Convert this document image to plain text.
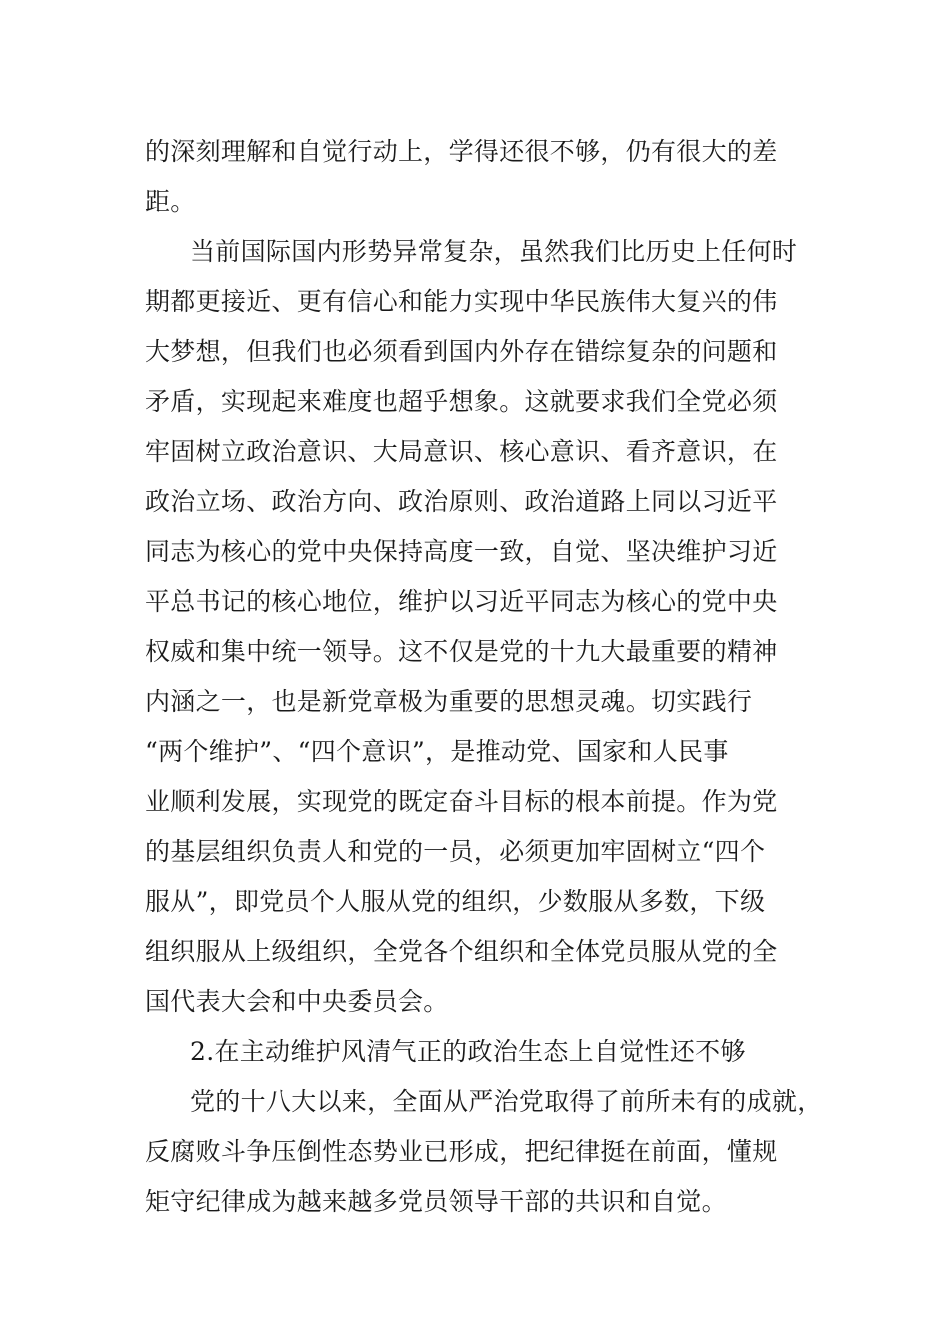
的深刻理解和自觉行动上，学得还很不够，仍有很大的差

距。

当前国际国内形势异常复杂，虽然我们比历史上任何时

期都更接近、更有信心和能力实现中华民族伟大复兴的伟

大梦想，但我们也必须看到国内外存在错综复杂的问题和

矛盾，实现起来难度也超乎想象。这就要求我们全党必须

牢固树立政治意识、大局意识、核心意识、看齐意识，在

政治立场、政治方向、政治原则、政治道路上同以习近平

同志为核心的党中央保持高度一致，自觉、坚决维护习近

平总书记的核心地位，维护以习近平同志为核心的党中央

权威和集中统一领导。这不仅是党的十九大最重要的精神

内涵之一，也是新党章极为重要的思想灵魂。切实践行

“两个维护”、“四个意识”，是推动党、国家和人民事

业顺利发展，实现党的既定奋斗目标的根本前提。作为党

的基层组织负责人和党的一员，必须更加牢固树立“四个

服从”，即党员个人服从党的组织，少数服从多数，下级

组织服从上级组织，全党各个组织和全体党员服从党的全

国代表大会和中央委员会。

2.在主动维护风清气正的政治生态上自觉性还不够

党的十八大以来，全面从严治党取得了前所未有的成就，

反腐败斗争压倒性态势业已形成，把纪律挺在前面，懂规

矩守纪律成为越来越多党员领导干部的共识和自觉。
